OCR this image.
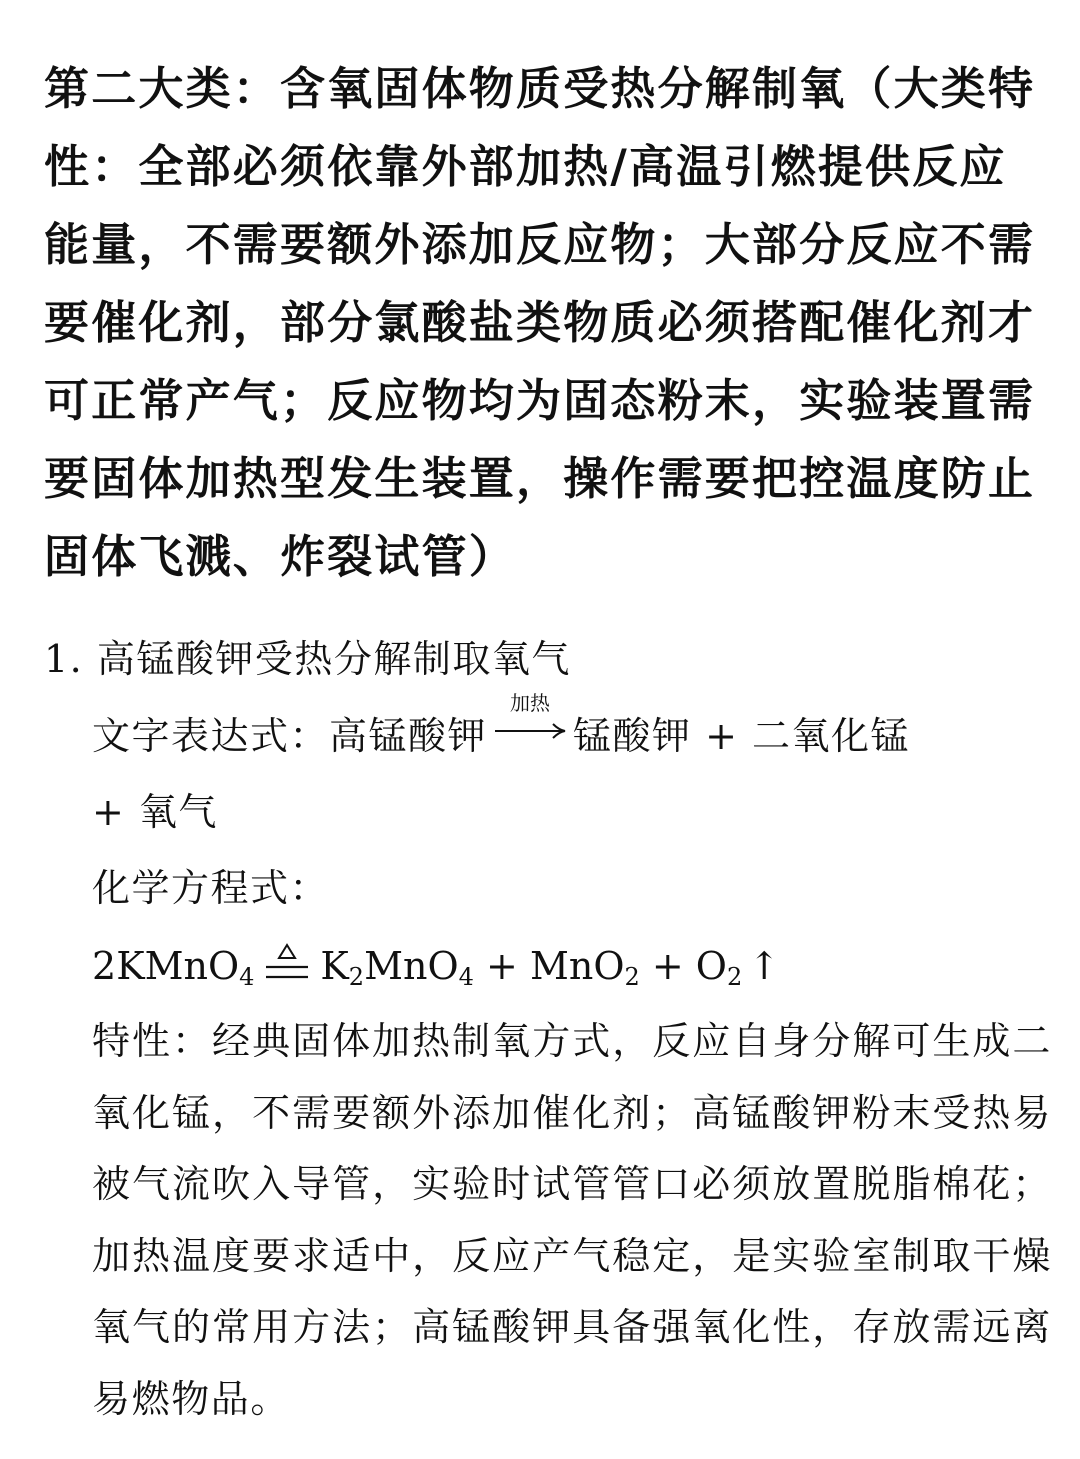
第二大类：含氧固体物质受热分解制氧（大类特性：全部必须依靠外部加热/高温引燃提供反应能量，不需要额外添加反应物；大部分反应不需要催化剂，部分氯酸盐类物质必须搭配催化剂才可正常产气；反应物均为固态粉末，实验装置需要固体加热型发生装置，操作需要把控温度防止固体飞溅、炸裂试管）

1. 高锰酸钾受热分解制取氧气
文字表达式：高锰酸钾
加热
锰酸钾 + 二氧化锰
+ 氧气
化学方程式：
2KMnO$_4$ $K_2MnO_4 + MnO_2 + O_2$ ↑

特性：经典固体加热制氧方式，反应自身分解可生成二氧化锰，不需要额外添加催化剂；高锰酸钾粉末受热易被气流吹入导管，实验时试管管口必须放置脱脂棉花；加热温度要求适中，反应产气稳定，是实验室制取干燥氧气的常用方法；高锰酸钾具备强氧化性，存放需远离易燃物品。
